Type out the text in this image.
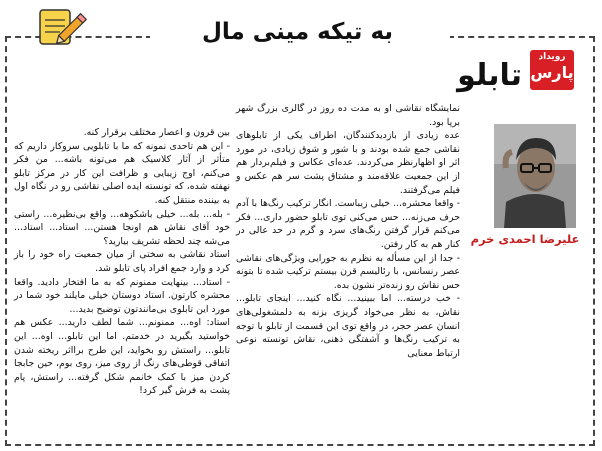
به تیکه مینی مال
رویداد
پارس
تابلو
علیرضا احمدی خرم

نمایشگاه نقاشی او به مدت ده روز در گالری بزرگ شهر برپا بود.

عده زیادی از بازدیدکنندگان، اطراف یکی از تابلوهای نقاشی جمع شده بودند و با شور و شوق زیادی، در مورد اثر او اظهارنظر می‌کردند. عده‌ای عکاس و فیلم‌بردار هم از این جمعیت علاقه‌مند و مشتاق پشت سر هم عکس و فیلم می‌گرفتند.

- واقعا محشره... خیلی زیباست. انگار ترکیب رنگ‌ها با آدم حرف می‌زنه... حس می‌کنی توی تابلو حضور داری... فکر می‌کنم قرار گرفتن رنگ‌های سرد و گرم در حد عالی در کنار هم به کار رفتن.

- جدا از این مسأله به نظرم به جورایی ویژگی‌های نقاشی عصر رنسانس، با رئالیسم قرن بیستم ترکیب شده تا بتونه حس نقاش رو زنده‌تر نشون بده.

- خب درسته... اما ببینید... نگاه کنید... اینجای تابلو... نقاش، به نظر می‌خواد گریزی بزنه به دلمشغولی‌های انسان عصر حجر، در واقع توی این قسمت از تابلو با توجه به ترکیب رنگ‌ها و آشفتگی ذهنی، نقاش تونسته نوعی ارتباط معنایی

بین قرون و اعصار مختلف برقرار کنه.

- این هم تاحدی نمونه که ما با تابلویی سروکار داریم که متأثر از آثار کلاسیک هم می‌تونه باشه... من فکر می‌کنم، اوج زیبایی و ظرافت این کار در مرکز تابلو نهفته شده، که تونسته ایده اصلی نقاشی رو در نگاه اول به بیننده منتقل کنه.

- بله... بله... خیلی باشکوهه... واقع بی‌نظیره... راستی خود آقای نقاش هم اونجا هستن... استاد... استاد... می‌شه چند لحظه تشریف بیارید؟

استاد نقاشی به سختی از میان جمعیت راه خود را باز کرد و وارد جمع افراد پای تابلو شد.

- استاد... بینهایت ممنونم که به ما افتخار دادید. واقعا محشره کارتون. استاد دوستان خیلی مایلند خود شما در مورد این تابلوی بی‌مانندتون توضیح بدید...

استاد: اوه... ممنونم... شما لطف دارید... عکس هم خواستید بگیرید در خدمتم. اما این تابلو... اوه... این تابلو... راستش رو بخواید، این طرح برااثر ریخته شدن اتفاقی قوطی‌های رنگ از روی میز، روی بوم، حین جابجا کردن میز با کمک خانمم شکل گرفته... راستش، پام پشت به فرش گیر کرد!
